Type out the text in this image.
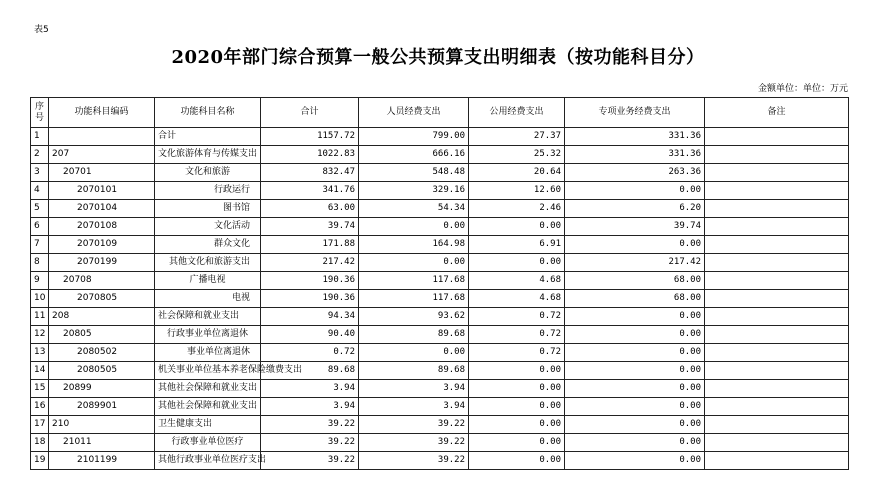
表5
2020年部门综合预算一般公共预算支出明细表（按功能科目分）
金额单位：单位：万元
序号	功能科目编码	功能科目名称	合计	人员经费支出	公用经费支出	专项业务经费支出	备注
1		合计	1157.72	799.00	27.37	331.36	
2	207	文化旅游体育与传媒支出	1022.83	666.16	25.32	331.36	
3	20701	文化和旅游	832.47	548.48	20.64	263.36	
4	2070101	行政运行	341.76	329.16	12.60	0.00	
5	2070104	图书馆	63.00	54.34	2.46	6.20	
6	2070108	文化活动	39.74	0.00	0.00	39.74	
7	2070109	群众文化	171.88	164.98	6.91	0.00	
8	2070199	其他文化和旅游支出	217.42	0.00	0.00	217.42	
9	20708	广播电视	190.36	117.68	4.68	68.00	
10	2070805	电视	190.36	117.68	4.68	68.00	
11	208	社会保障和就业支出	94.34	93.62	0.72	0.00	
12	20805	行政事业单位离退休	90.40	89.68	0.72	0.00	
13	2080502	事业单位离退休	0.72	0.00	0.72	0.00	
14	2080505	机关事业单位基本养老保险缴费支出	89.68	89.68	0.00	0.00	
15	20899	其他社会保障和就业支出	3.94	3.94	0.00	0.00	
16	2089901	其他社会保障和就业支出	3.94	3.94	0.00	0.00	
17	210	卫生健康支出	39.22	39.22	0.00	0.00	
18	21011	行政事业单位医疗	39.22	39.22	0.00	0.00	
19	2101199	其他行政事业单位医疗支出	39.22	39.22	0.00	0.00	
